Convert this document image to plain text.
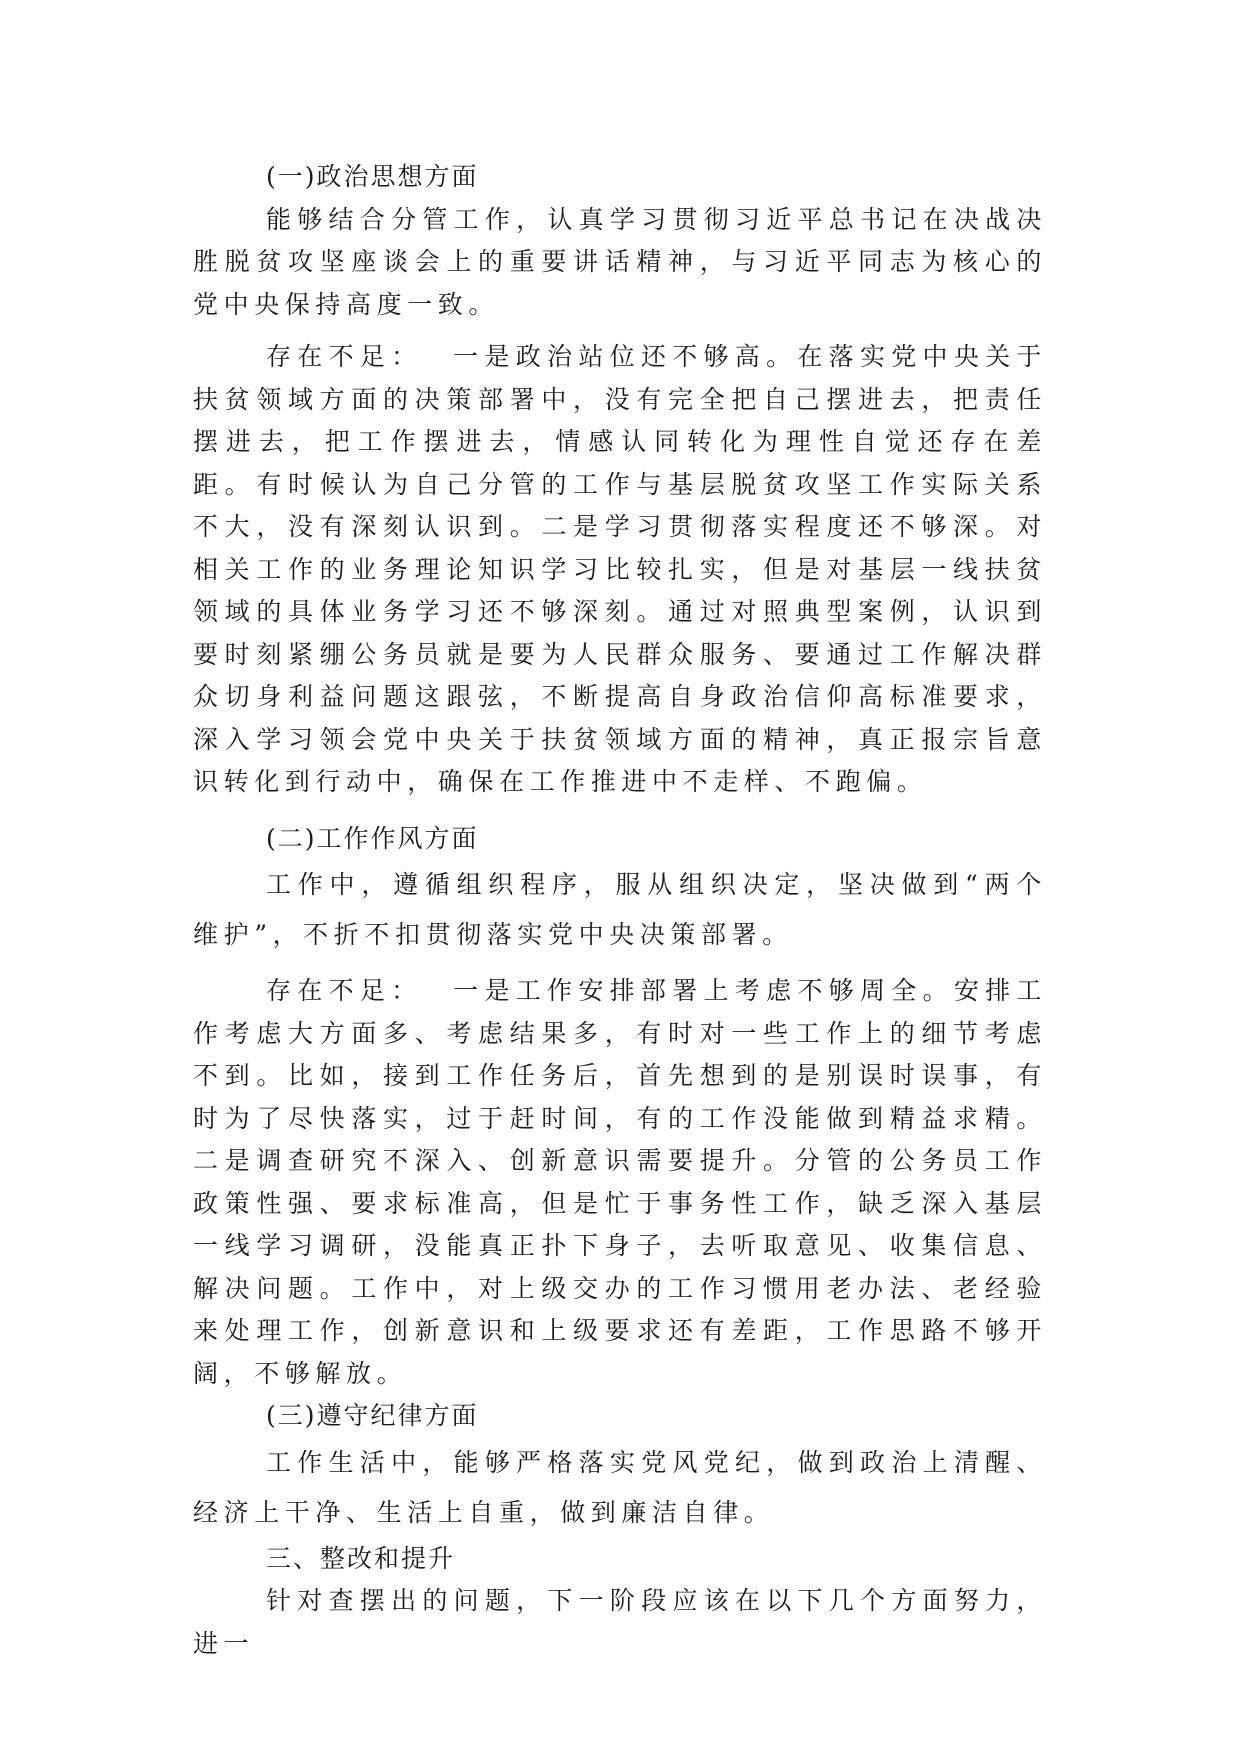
(一)政治思想方面

能够结合分管工作，认真学习贯彻习近平总书记在决战决胜脱贫攻坚座谈会上的重要讲话精神，与习近平同志为核心的党中央保持高度一致。

存在不足： 一是政治站位还不够高。在落实党中央关于扶贫领域方面的决策部署中，没有完全把自己摆进去，把责任摆进去，把工作摆进去，情感认同转化为理性自觉还存在差距。有时候认为自己分管的工作与基层脱贫攻坚工作实际关系不大，没有深刻认识到。二是学习贯彻落实程度还不够深。对相关工作的业务理论知识学习比较扎实，但是对基层一线扶贫领域的具体业务学习还不够深刻。通过对照典型案例，认识到要时刻紧绷公务员就是要为人民群众服务、要通过工作解决群众切身利益问题这跟弦，不断提高自身政治信仰高标准要求，深入学习领会党中央关于扶贫领域方面的精神，真正报宗旨意识转化到行动中，确保在工作推进中不走样、不跑偏。

(二)工作作风方面

工作中，遵循组织程序，服从组织决定，坚决做到“两个维护”，不折不扣贯彻落实党中央决策部署。

存在不足： 一是工作安排部署上考虑不够周全。安排工作考虑大方面多、考虑结果多，有时对一些工作上的细节考虑不到。比如，接到工作任务后，首先想到的是别误时误事，有时为了尽快落实，过于赶时间，有的工作没能做到精益求精。二是调查研究不深入、创新意识需要提升。分管的公务员工作政策性强、要求标准高，但是忙于事务性工作，缺乏深入基层一线学习调研，没能真正扑下身子，去听取意见、收集信息、解决问题。工作中，对上级交办的工作习惯用老办法、老经验来处理工作，创新意识和上级要求还有差距，工作思路不够开阔，不够解放。

(三)遵守纪律方面

工作生活中，能够严格落实党风党纪，做到政治上清醒、经济上干净、生活上自重，做到廉洁自律。

三、整改和提升

针对查摆出的问题，下一阶段应该在以下几个方面努力，进一
